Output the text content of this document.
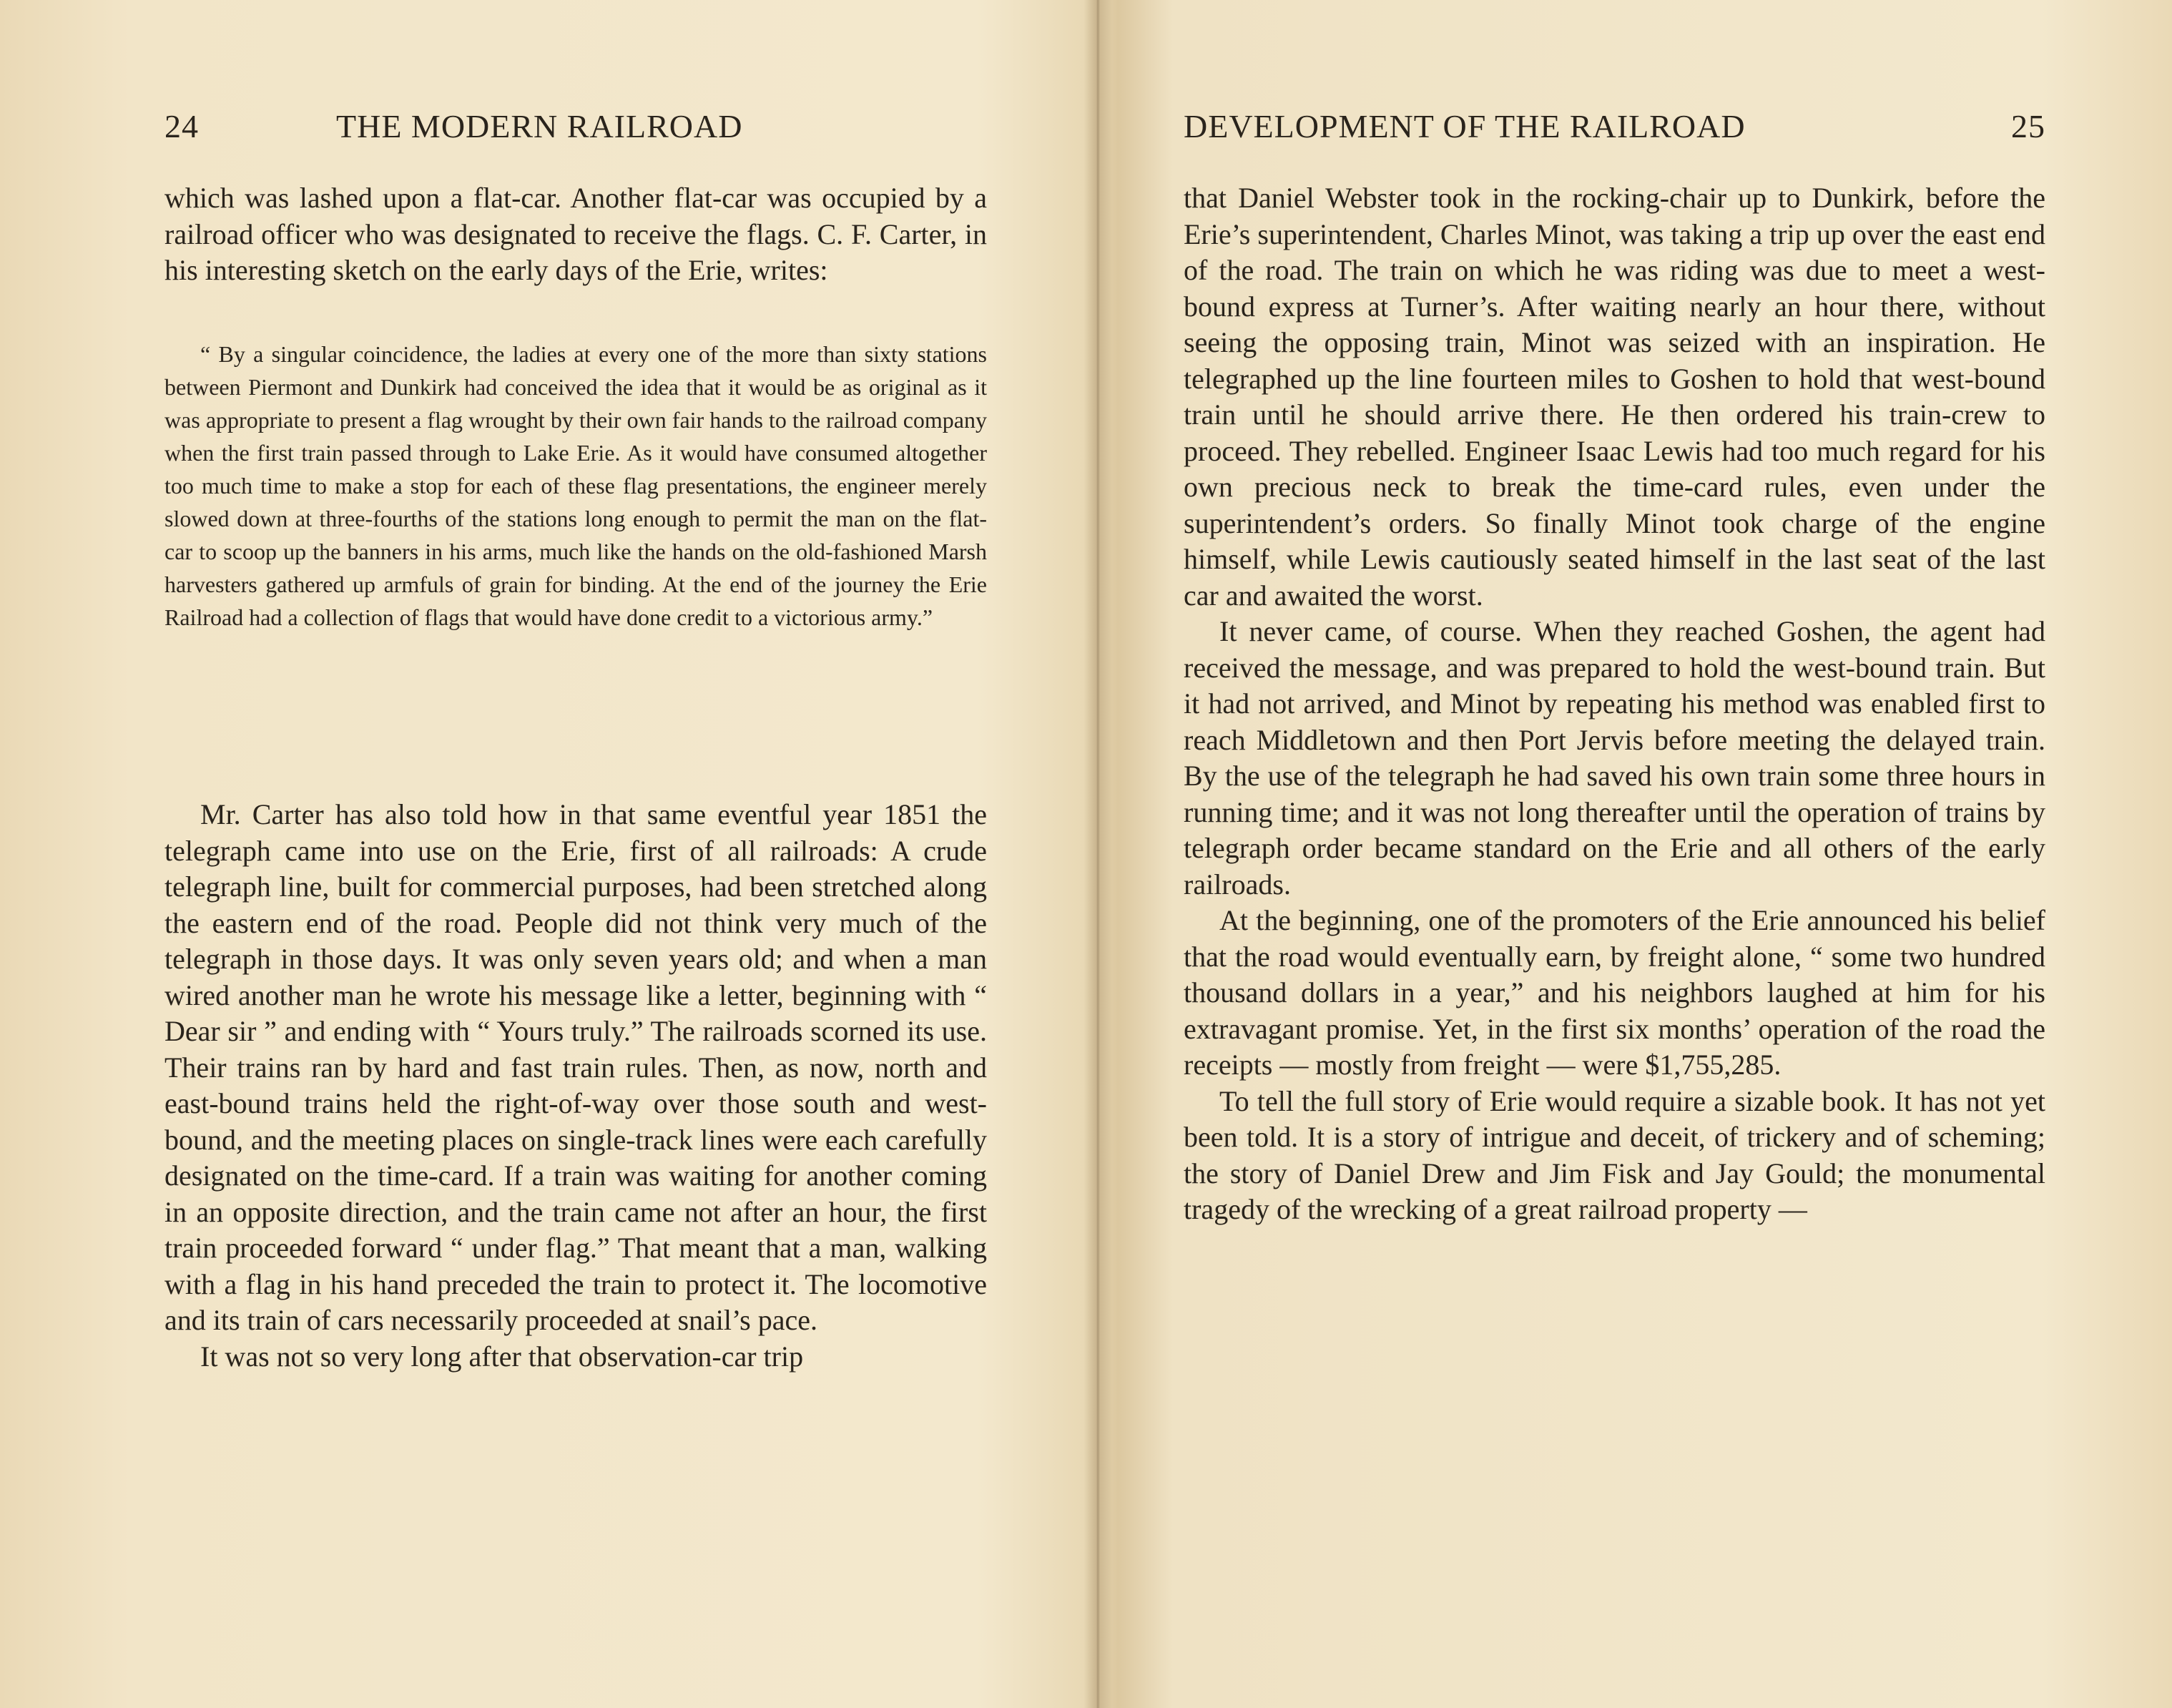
24	THE MODERN RAILROAD

which was lashed upon a flat-car. Another flat-car was occupied by a railroad officer who was designated to receive the flags. C. F. Carter, in his interesting sketch on the early days of the Erie, writes:

“ By a singular coincidence, the ladies at every one of the more than sixty stations between Piermont and Dunkirk had conceived the idea that it would be as original as it was appropriate to present a flag wrought by their own fair hands to the railroad company when the first train passed through to Lake Erie. As it would have consumed altogether too much time to make a stop for each of these flag presentations, the engineer merely slowed down at three-fourths of the stations long enough to permit the man on the flat-car to scoop up the banners in his arms, much like the hands on the old-fashioned Marsh harvesters gathered up armfuls of grain for binding. At the end of the journey the Erie Railroad had a collection of flags that would have done credit to a victorious army.”

Mr. Carter has also told how in that same eventful year 1851 the telegraph came into use on the Erie, first of all railroads: A crude telegraph line, built for commercial purposes, had been stretched along the eastern end of the road. People did not think very much of the telegraph in those days. It was only seven years old; and when a man wired another man he wrote his message like a letter, beginning with “ Dear sir ” and ending with “ Yours truly.” The railroads scorned its use. Their trains ran by hard and fast train rules. Then, as now, north and east-bound trains held the right-of-way over those south and west-bound, and the meeting places on single-track lines were each carefully designated on the time-card. If a train was waiting for another coming in an opposite direction, and the train came not after an hour, the first train proceeded forward “ under flag.” That meant that a man, walking with a flag in his hand preceded the train to protect it. The locomotive and its train of cars necessarily proceeded at snail’s pace.

It was not so very long after that observation-car trip

DEVELOPMENT OF THE RAILROAD	25

that Daniel Webster took in the rocking-chair up to Dunkirk, before the Erie’s superintendent, Charles Minot, was taking a trip up over the east end of the road. The train on which he was riding was due to meet a west-bound express at Turner’s. After waiting nearly an hour there, without seeing the opposing train, Minot was seized with an inspiration. He telegraphed up the line fourteen miles to Goshen to hold that west-bound train until he should arrive there. He then ordered his train-crew to proceed. They rebelled. Engineer Isaac Lewis had too much regard for his own precious neck to break the time-card rules, even under the superintendent’s orders. So finally Minot took charge of the engine himself, while Lewis cautiously seated himself in the last seat of the last car and awaited the worst.

It never came, of course. When they reached Goshen, the agent had received the message, and was prepared to hold the west-bound train. But it had not arrived, and Minot by repeating his method was enabled first to reach Middletown and then Port Jervis before meeting the delayed train. By the use of the telegraph he had saved his own train some three hours in running time; and it was not long thereafter until the operation of trains by telegraph order became standard on the Erie and all others of the early railroads.

At the beginning, one of the promoters of the Erie announced his belief that the road would eventually earn, by freight alone, “ some two hundred thousand dollars in a year,” and his neighbors laughed at him for his extravagant promise. Yet, in the first six months’ operation of the road the receipts — mostly from freight — were $1,755,285.

To tell the full story of Erie would require a sizable book. It has not yet been told. It is a story of intrigue and deceit, of trickery and of scheming; the story of Daniel Drew and Jim Fisk and Jay Gould; the monumental tragedy of the wrecking of a great railroad property —
